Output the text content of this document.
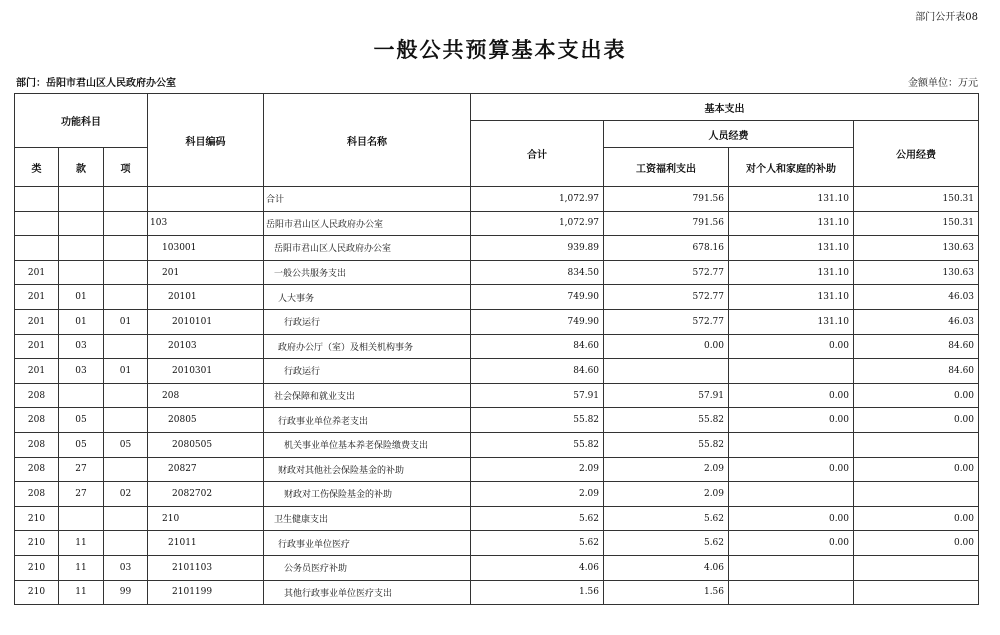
部门公开表08
一般公共预算基本支出表
部门：岳阳市君山区人民政府办公室	金额单位：万元
功能科目			科目编码	科目名称	基本支出			
					合计	人员经费		公用经费
类	款	项				工资福利支出	对个人和家庭的补助	
				合计	1,072.97	791.56	131.10	150.31
			103	岳阳市君山区人民政府办公室	1,072.97	791.56	131.10	150.31
			103001	岳阳市君山区人民政府办公室	939.89	678.16	131.10	130.63
201			201	一般公共服务支出	834.50	572.77	131.10	130.63
201	01		20101	人大事务	749.90	572.77	131.10	46.03
201	01	01	2010101	行政运行	749.90	572.77	131.10	46.03
201	03		20103	政府办公厅（室）及相关机构事务	84.60	0.00	0.00	84.60
201	03	01	2010301	行政运行	84.60			84.60
208			208	社会保障和就业支出	57.91	57.91	0.00	0.00
208	05		20805	行政事业单位养老支出	55.82	55.82	0.00	0.00
208	05	05	2080505	机关事业单位基本养老保险缴费支出	55.82	55.82		
208	27		20827	财政对其他社会保险基金的补助	2.09	2.09	0.00	0.00
208	27	02	2082702	财政对工伤保险基金的补助	2.09	2.09		
210			210	卫生健康支出	5.62	5.62	0.00	0.00
210	11		21011	行政事业单位医疗	5.62	5.62	0.00	0.00
210	11	03	2101103	公务员医疗补助	4.06	4.06		
210	11	99	2101199	其他行政事业单位医疗支出	1.56	1.56		
